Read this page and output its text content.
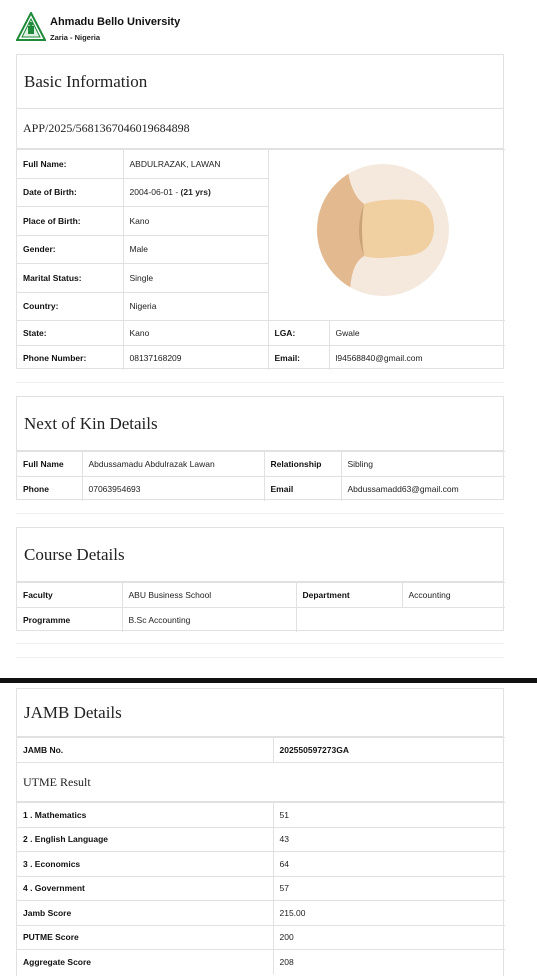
Ahmadu Bello University
Zaria - Nigeria
Basic Information
APP/2025/5681367046019684898
Full Name:	ABDULRAZAK, LAWAN	

Date of Birth:	2004-06-01 - (21 yrs)		
Place of Birth:	Kano		
Gender:	Male		
Marital Status:	Single		
Country:	Nigeria		
State:	Kano	LGA:	Gwale
Phone Number:	08137168209	Email:	l94568840@gmail.com
Next of Kin Details
Full Name	Abdussamadu Abdulrazak Lawan	Relationship	Sibling
Phone	07063954693	Email	Abdussamadd63@gmail.com
Course Details
Faculty	ABU Business School	Department	Accounting
Programme	B.Sc Accounting		
JAMB Details
JAMB No.	202550597273GA
UTME Result
1 . Mathematics	51
2 . English Language	43
3 . Economics	64
4 . Government	57
Jamb Score	215.00
PUTME Score	200
Aggregate Score	208
